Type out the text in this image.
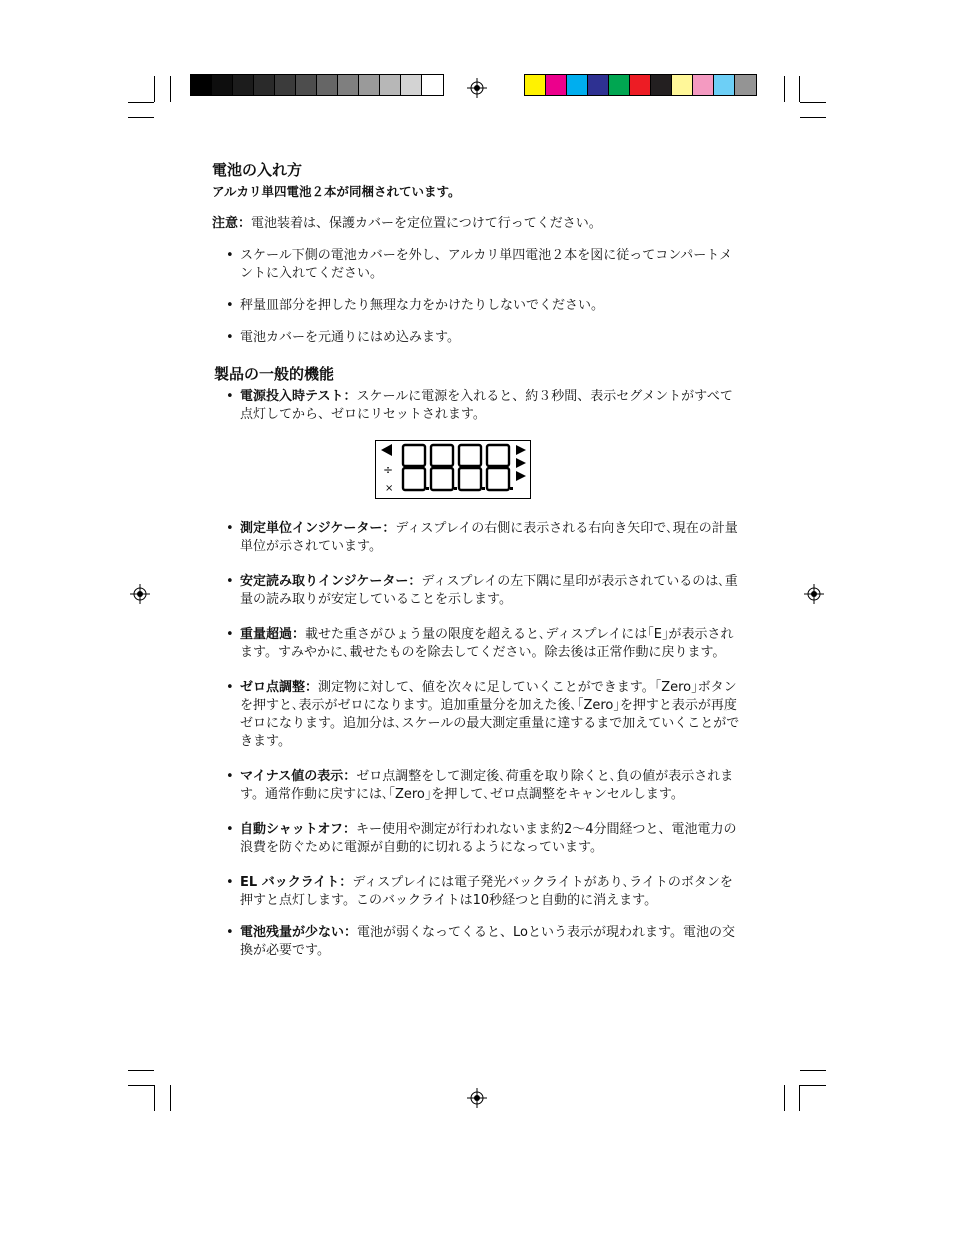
電池の入れ方

アルカリ単四電池２本が同梱されています。

注意：電池装着は、保護カバーを定位置につけて行ってください。

• スケール下側の電池カバーを外し、アルカリ単四電池２本を図に従ってコンパートメントに入れてください。
• 秤量皿部分を押したり無理な力をかけたりしないでください。
• 電池カバーを元通りにはめ込みます。
製品の一般的機能
• 電源投入時テスト：スケールに電源を入れると、約３秒間、表示セグメントがすべて点灯してから、ゼロにリセットされます。
• 測定単位インジケーター：ディスプレイの右側に表示される右向き矢印で､現在の計量単位が示されています。
• 安定読み取りインジケーター：ディスプレイの左下隅に星印が表示されているのは､重量の読み取りが安定していることを示します。
• 重量超過：載せた重さがひょう量の限度を超えると､ディスプレイには｢E｣が表示されます。すみやかに､載せたものを除去してください。除去後は正常作動に戻ります。
• ゼロ点調整：測定物に対して、値を次々に足していくことができます。｢Zero｣ボタンを押すと､表示がゼロになります。追加重量分を加えた後､｢Zero｣を押すと表示が再度ゼロになります。追加分は､スケールの最大測定重量に達するまで加えていくことができます。
• マイナス値の表示：ゼロ点調整をして測定後､荷重を取り除くと､負の値が表示されます。通常作動に戻すには､｢Zero｣を押して､ゼロ点調整をキャンセルします。
• 自動シャットオフ：キー使用や測定が行われないまま約2～4分間経つと、電池電力の浪費を防ぐために電源が自動的に切れるようになっています。
• EL バックライト：ディスプレイには電子発光バックライトがあり､ライトのボタンを押すと点灯します。このバックライトは10秒経つと自動的に消えます。
• 電池残量が少ない：電池が弱くなってくると、Loという表示が現われます。電池の交換が必要です。
÷
×
